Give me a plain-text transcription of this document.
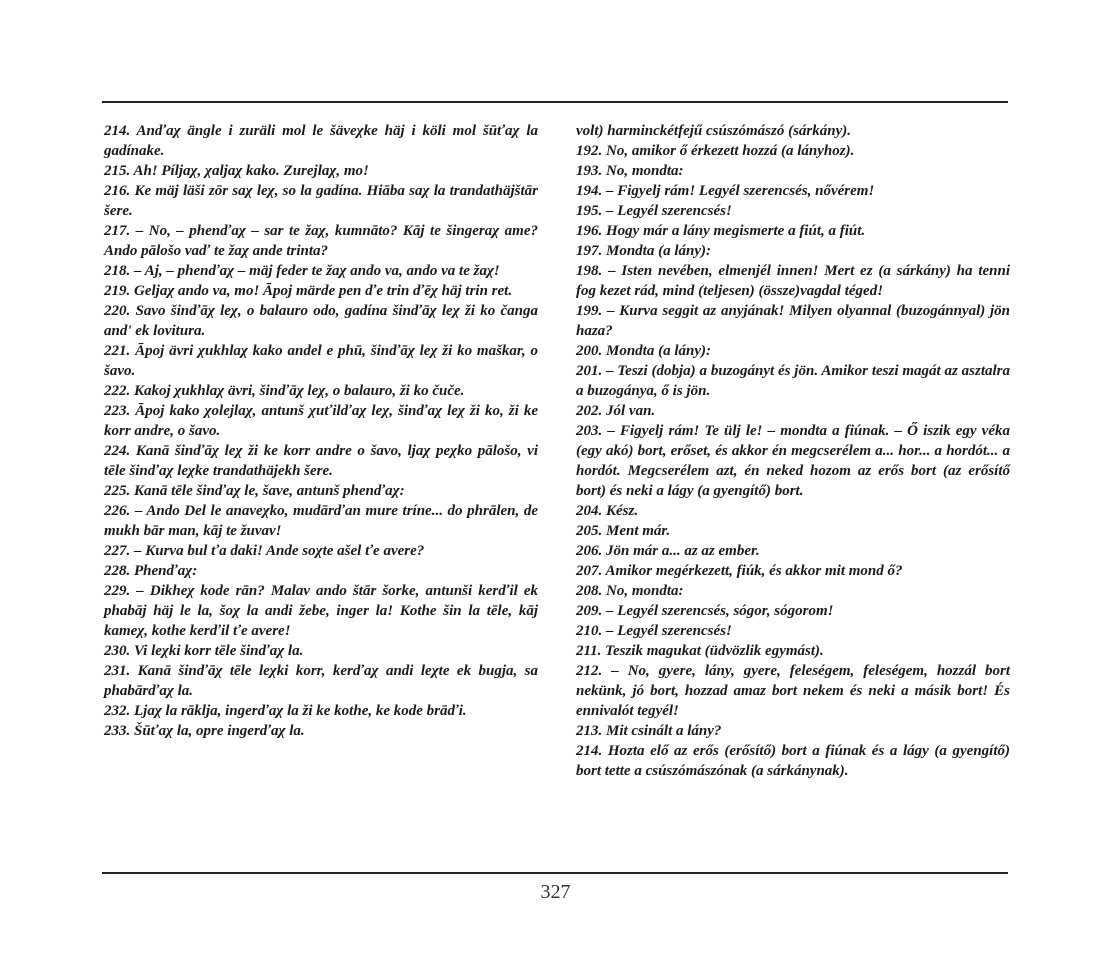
214. Anďaχ ängle i zuräli mol le šäveχke häj i köli mol šūťaχ la gadínake.

215. Ah! Píljaχ, χaljaχ kako. Zurejlaχ, mo!

216. Ke mäj läši zōr saχ leχ, so la gadína. Hiāba saχ la trandathäjštār šere.

217. – No, – phenďaχ – sar te žaχ, kumnāto? Kāj te šingeraχ ame? Ando pālošo vaď te žaχ ande trinta?

218. – Aj, – phenďaχ – mäj feder te žaχ ando va, ando va te žaχ!

219. Geljaχ ando va, mo! Āpoj märde pen ďe trin ďēχ häj trin ret.

220. Savo šinďāχ leχ, o balauro odo, gadína šinďāχ leχ ži ko čanga and' ek lovitura.

221. Āpoj ävri χukhlaχ kako andel e phū, šinďāχ leχ ži ko maškar, o šavo.

222. Kakoj χukhlaχ ävri, šinďāχ leχ, o balauro, ži ko čuče.

223. Āpoj kako χolejlaχ, antunš χuťilďaχ leχ, šinďaχ leχ ži ko, ži ke korr andre, o šavo.

224. Kanā šinďāχ leχ ži ke korr andre o šavo, ljaχ peχko pālošo, vi tēle šinďaχ leχke trandathäjekh šere.

225. Kanā tēle šinďaχ le, šave, antunš phenďaχ:

226. – Ando Del le anaveχko, mudārďan mure tríne... do phrālen, de mukh bār man, kāj te žuvav!

227. – Kurva bul ťa daki! Ande soχte ašel ťe avere?

228. Phenďaχ:

229. – Dikheχ kode rān? Malav ando štār šorke, antunši kerďil ek phabāj häj le la, šoχ la andi žebe, inger la! Kothe šin la tēle, kāj kameχ, kothe kerďil ťe avere!

230. Vi leχki korr tēle šinďaχ la.

231. Kanā šinďāχ tēle leχki korr, kerďaχ andi leχte ek bugja, sa phabārďaχ la.

232. Ljaχ la rāklja, ingerďaχ la ži ke kothe, ke kode brāďi.

233. Šūťaχ la, opre ingerďaχ la.

volt) harminckétfejű csúszómászó (sárkány).

192. No, amikor ő érkezett hozzá (a lányhoz).

193. No, mondta:

194. – Figyelj rám! Legyél szerencsés, nővérem!

195. – Legyél szerencsés!

196. Hogy már a lány megismerte a fiút, a fiút.

197. Mondta (a lány):

198. – Isten nevében, elmenjél innen! Mert ez (a sárkány) ha tenni fog kezet rád, mind (teljesen) (össze)vagdal téged!

199. – Kurva seggit az anyjának! Milyen olyannal (buzogánnyal) jön haza?

200. Mondta (a lány):

201. – Teszi (dobja) a buzogányt és jön. Amikor teszi magát az asztalra a buzogánya, ő is jön.

202. Jól van.

203. – Figyelj rám! Te ülj le! – mondta a fiúnak. – Ő iszik egy véka (egy akó) bort, erőset, és akkor én megcserélem a... hor... a hordót... a hordót. Megcserélem azt, én neked hozom az erős bort (az erősítő bort) és neki a lágy (a gyengítő) bort.

204. Kész.

205. Ment már.

206. Jön már a... az az ember.

207. Amikor megérkezett, fiúk, és akkor mit mond ő?

208. No, mondta:

209. – Legyél szerencsés, sógor, sógorom!

210. – Legyél szerencsés!

211. Teszik magukat (üdvözlik egymást).

212. – No, gyere, lány, gyere, feleségem, feleségem, hozzál bort nekünk, jó bort, hozzad amaz bort nekem és neki a másik bort! És ennivalót tegyél!

213. Mit csinált a lány?

214. Hozta elő az erős (erősítő) bort a fiúnak és a lágy (a gyengítő) bort tette a csúszómászónak (a sárkánynak).

327
